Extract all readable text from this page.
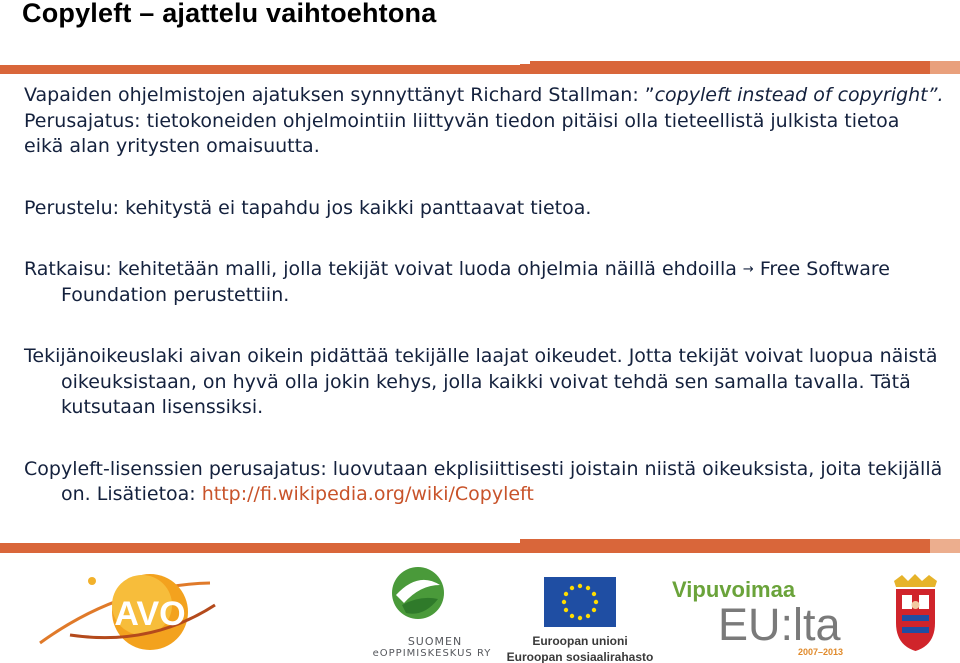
Copyleft – ajattelu vaihtoehtona
Vapaiden ohjelmistojen ajatuksen synnyttänyt Richard Stallman: ”copyleft instead of copyright”. Perusajatus: tietokoneiden ohjelmointiin liittyvän tiedon pitäisi olla tieteellistä julkista tietoa eikä alan yritysten omaisuutta.
Perustelu: kehitystä ei tapahdu jos kaikki panttaavat tietoa.
Ratkaisu: kehitetään malli, jolla tekijät voivat luoda ohjelmia näillä ehdoilla → Free Software Foundation perustettiin.
Tekijänoikeuslaki aivan oikein pidättää tekijälle laajat oikeudet. Jotta tekijät voivat luopua näistä oikeuksistaan, on hyvä olla jokin kehys, jolla kaikki voivat tehdä sen samalla tavalla. Tätä kutsutaan lisenssiksi.
Copyleft-lisenssien perusajatus: luovutaan ekplisiittisesti joistain niistä oikeuksista, joita tekijällä on. Lisätietoa: http://fi.wikipedia.org/wiki/Copyleft
AVO
SUOMEN
eOPPIMISKESKUS RY
Euroopan unioni
Euroopan sosiaalirahasto
Vipuvoimaa
EU:lta
2007–2013
